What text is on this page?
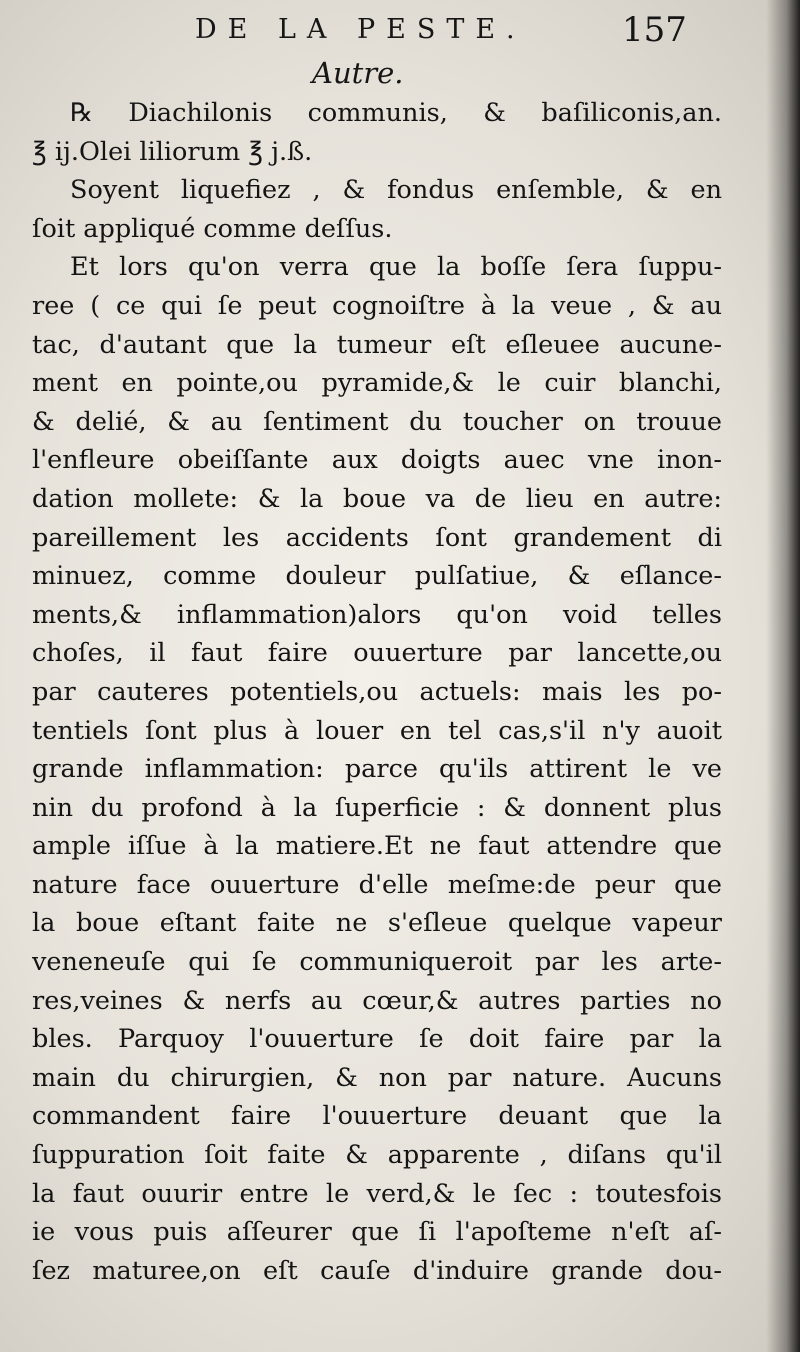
DE LA PESTE.	157
Autre.
℞ Diachilonis communis, & baſiliconis,an.
℥ ij.Olei liliorum ℥ j.ß.
Soyent liquefiez , & fondus enſemble, & en
ſoit appliqué comme deſſus.
Et lors qu'on verra que la boſſe ſera ſuppu-
ree ( ce qui ſe peut cognoiſtre à la veue , & au
tac, d'autant que la tumeur eſt eſleuee aucune-
ment en pointe,ou pyramide,& le cuir blanchi,
& delié, & au ſentiment du toucher on trouue
l'enfleure obeiſſante aux doigts auec vne inon-
dation mollete: & la boue va de lieu en autre:
pareillement les accidents ſont grandement di
minuez, comme douleur pulſatiue, & eſlance-
ments,& inflammation)alors qu'on void telles
choſes, il faut faire ouuerture par lancette,ou
par cauteres potentiels,ou actuels: mais les po-
tentiels ſont plus à louer en tel cas,s'il n'y auoit
grande inflammation: parce qu'ils attirent le ve
nin du profond à la ſuperficie : & donnent plus
ample iſſue à la matiere.Et ne faut attendre que
nature face ouuerture d'elle meſme:de peur que
la boue eſtant faite ne s'eſleue quelque vapeur
veneneuſe qui ſe communiqueroit par les arte-
res,veines & nerfs au cœur,& autres parties no
bles. Parquoy l'ouuerture ſe doit faire par la
main du chirurgien, & non par nature. Aucuns
commandent faire l'ouuerture deuant que la
ſuppuration ſoit faite & apparente , diſans qu'il
la faut ouurir entre le verd,& le ſec : toutesfois
ie vous puis aſſeurer que ſi l'apoſteme n'eſt aſ-
ſez maturee,on eſt cauſe d'induire grande dou-
